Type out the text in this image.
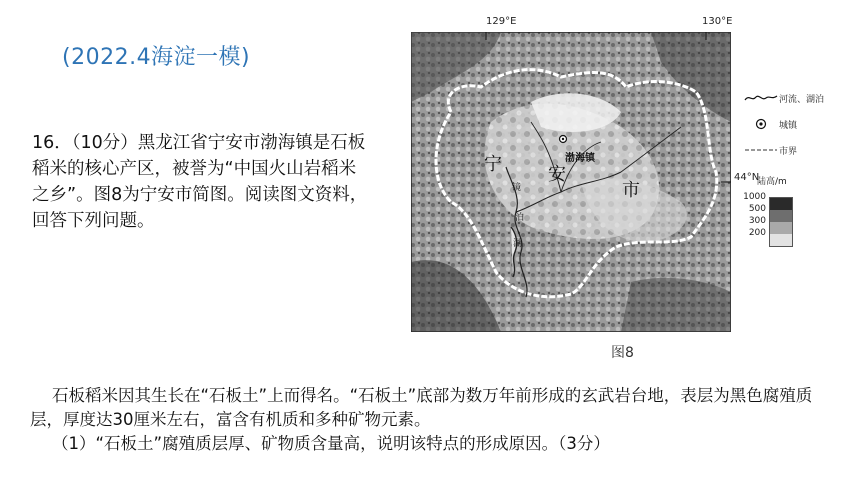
(2022.4海淀一模)
16．（10分）黑龙江省宁安市渤海镇是石板稻米的核心产区，被誉为“中国火山岩稻米之乡”。图8为宁安市简图。阅读图文资料，回答下列问题。
129°E	130°E
44°N
渤海镇
宁	安
市
镜
泊
湖
图8
河流、湖泊
城镇
市界
陆高/m
1000
500
300
200

石板稻米因其生长在“石板土”上而得名。“石板土”底部为数万年前形成的玄武岩台地，表层为黑色腐殖质层，厚度达30厘米左右，富含有机质和多种矿物元素。

（1）“石板土”腐殖质层厚、矿物质含量高，说明该特点的形成原因。（3分）
